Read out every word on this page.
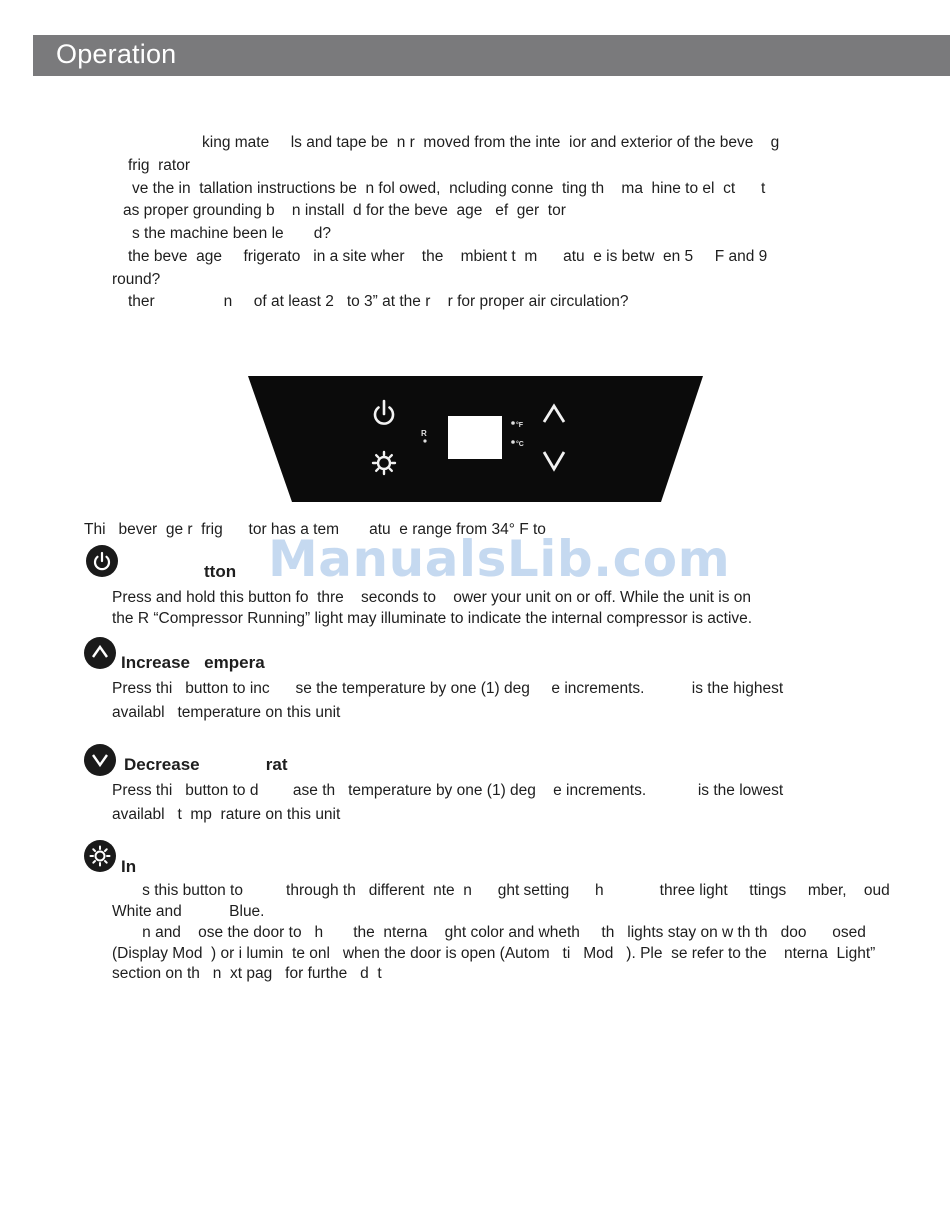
Operation
king mate     ls and tape be  n r  moved from the inte  ior and exterior of the beve    g
frig  rator
ve the in  tallation instructions be  n fol owed,  ncluding conne  ting th    ma  hine to el  ct      t
as proper grounding b    n install  d for the beve  age   ef  ger  tor
s the machine been le       d?
the beve  age     frigerato   in a site wher    the    mbient t  m      atu  e is betw  en 5     F and 9
round?
ther                n     of at least 2   to 3” at the r    r for proper air circulation?
R
°F
°C
Thi   bever  ge r  frig      tor has a tem       atu  e range from 34° F to
tton
Press and hold this button fo  thre    seconds to    ower your unit on or off. While the unit is on
the R “Compressor Running” light may illuminate to indicate the internal compressor is active.
Increase   empera
Press thi   button to inc      se the temperature by one (1) deg     e increments.           is the highest
availabl   temperature on this unit
Decrease              rat
Press thi   button to d        ase th   temperature by one (1) deg    e increments.            is the lowest
availabl   t  mp  rature on this unit
In
s this button to          through th   different  nte  n      ght setting      h             three light     ttings     mber,    oud
White and           Blue.
n and    ose the door to   h       the  nterna    ght color and wheth     th   lights stay on w th th   doo      osed
(Display Mod  ) or i lumin  te onl   when the door is open (Autom   ti   Mod   ). Ple  se refer to the    nterna  Light”
section on th   n  xt pag   for furthe   d  t
ManualsLib.com
